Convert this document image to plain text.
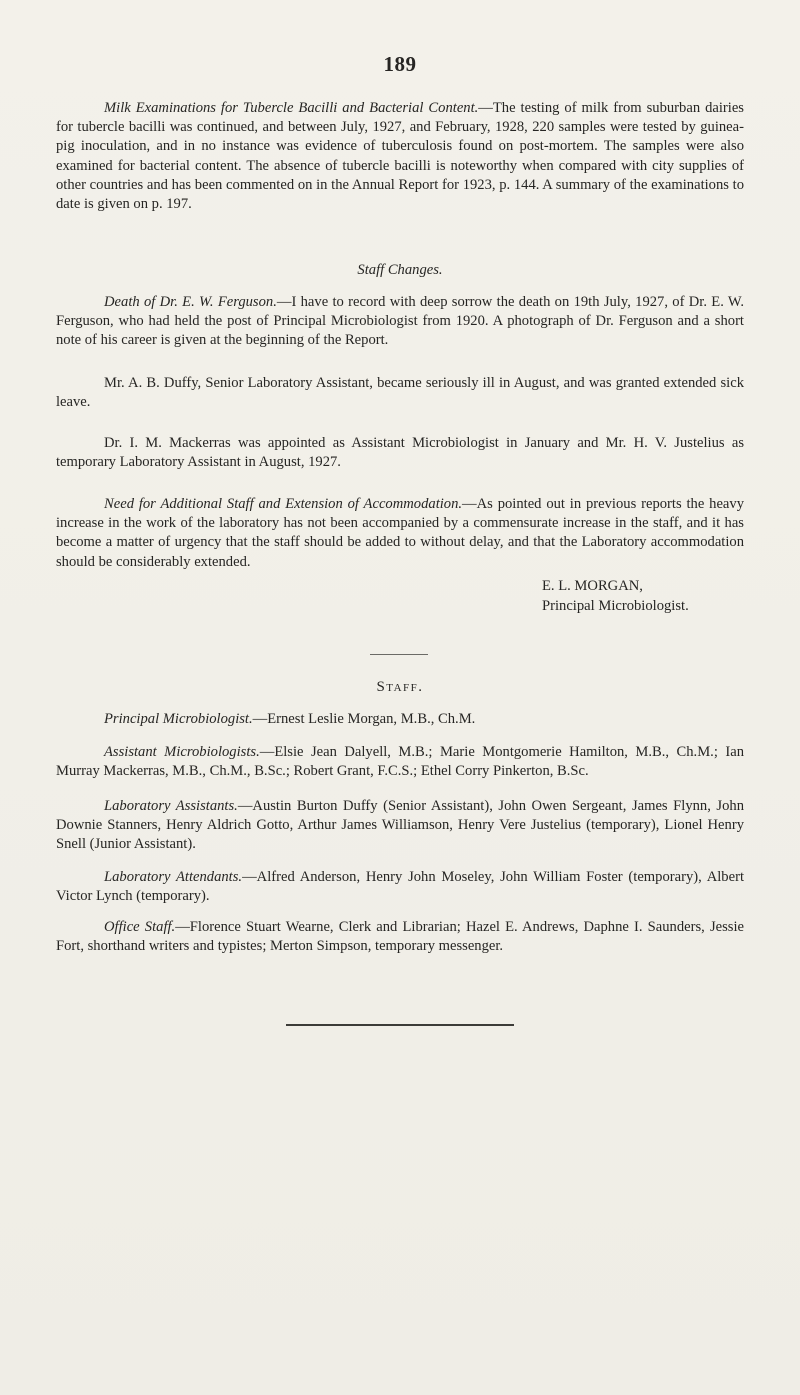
189

Milk Examinations for Tubercle Bacilli and Bacterial Content.—The testing of milk from suburban dairies for tubercle bacilli was continued, and between July, 1927, and February, 1928, 220 samples were tested by guinea-pig inoculation, and in no instance was evidence of tuberculosis found on post-mortem. The samples were also examined for bacterial content. The absence of tubercle bacilli is noteworthy when compared with city supplies of other countries and has been commented on in the Annual Report for 1923, p. 144. A summary of the examinations to date is given on p. 197.

Staff Changes.

Death of Dr. E. W. Ferguson.—I have to record with deep sorrow the death on 19th July, 1927, of Dr. E. W. Ferguson, who had held the post of Principal Microbiologist from 1920. A photograph of Dr. Ferguson and a short note of his career is given at the beginning of the Report.

Mr. A. B. Duffy, Senior Laboratory Assistant, became seriously ill in August, and was granted extended sick leave.

Dr. I. M. Mackerras was appointed as Assistant Microbiologist in January and Mr. H. V. Justelius as temporary Laboratory Assistant in August, 1927.

Need for Additional Staff and Extension of Accommodation.—As pointed out in previous reports the heavy increase in the work of the laboratory has not been accompanied by a commensurate increase in the staff, and it has become a matter of urgency that the staff should be added to without delay, and that the Laboratory accommodation should be considerably extended.

E. L. MORGAN,
Principal Microbiologist.
Staff.

Principal Microbiologist.—Ernest Leslie Morgan, M.B., Ch.M.

Assistant Microbiologists.—Elsie Jean Dalyell, M.B.; Marie Montgomerie Hamilton, M.B., Ch.M.; Ian Murray Mackerras, M.B., Ch.M., B.Sc.; Robert Grant, F.C.S.; Ethel Corry Pinkerton, B.Sc.

Laboratory Assistants.—Austin Burton Duffy (Senior Assistant), John Owen Sergeant, James Flynn, John Downie Stanners, Henry Aldrich Gotto, Arthur James Williamson, Henry Vere Justelius (temporary), Lionel Henry Snell (Junior Assistant).

Laboratory Attendants.—Alfred Anderson, Henry John Moseley, John William Foster (temporary), Albert Victor Lynch (temporary).

Office Staff.—Florence Stuart Wearne, Clerk and Librarian; Hazel E. Andrews, Daphne I. Saunders, Jessie Fort, shorthand writers and typistes; Merton Simpson, temporary messenger.
